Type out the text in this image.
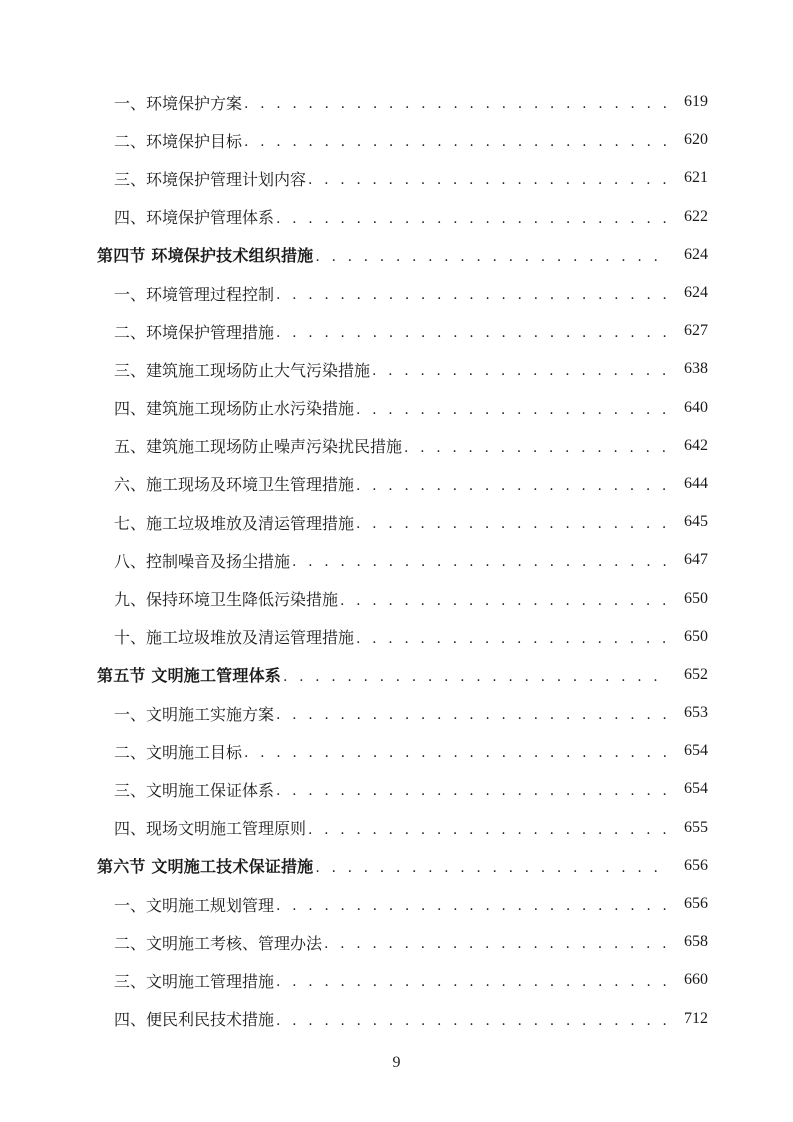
一、环境保护方案 . . .	619
二、环境保护目标 . . .	620
三、环境保护管理计划内容 . . .	621
四、环境保护管理体系 . . .	622
第四节 环境保护技术组织措施 . . .	624
一、环境管理过程控制 . . .	624
二、环境保护管理措施 . . .	627
三、建筑施工现场防止大气污染措施 . . .	638
四、建筑施工现场防止水污染措施 . . .	640
五、建筑施工现场防止噪声污染扰民措施 . . .	642
六、施工现场及环境卫生管理措施 . . .	644
七、施工垃圾堆放及清运管理措施 . . .	645
八、控制噪音及扬尘措施 . . .	647
九、保持环境卫生降低污染措施 . . .	650
十、施工垃圾堆放及清运管理措施 . . .	650
第五节 文明施工管理体系 . . .	652
一、文明施工实施方案 . . .	653
二、文明施工目标 . . .	654
三、文明施工保证体系 . . .	654
四、现场文明施工管理原则 . . .	655
第六节 文明施工技术保证措施 . . .	656
一、文明施工规划管理 . . .	656
二、文明施工考核、管理办法 . . .	658
三、文明施工管理措施 . . .	660
四、便民利民技术措施 . . .	712
9
